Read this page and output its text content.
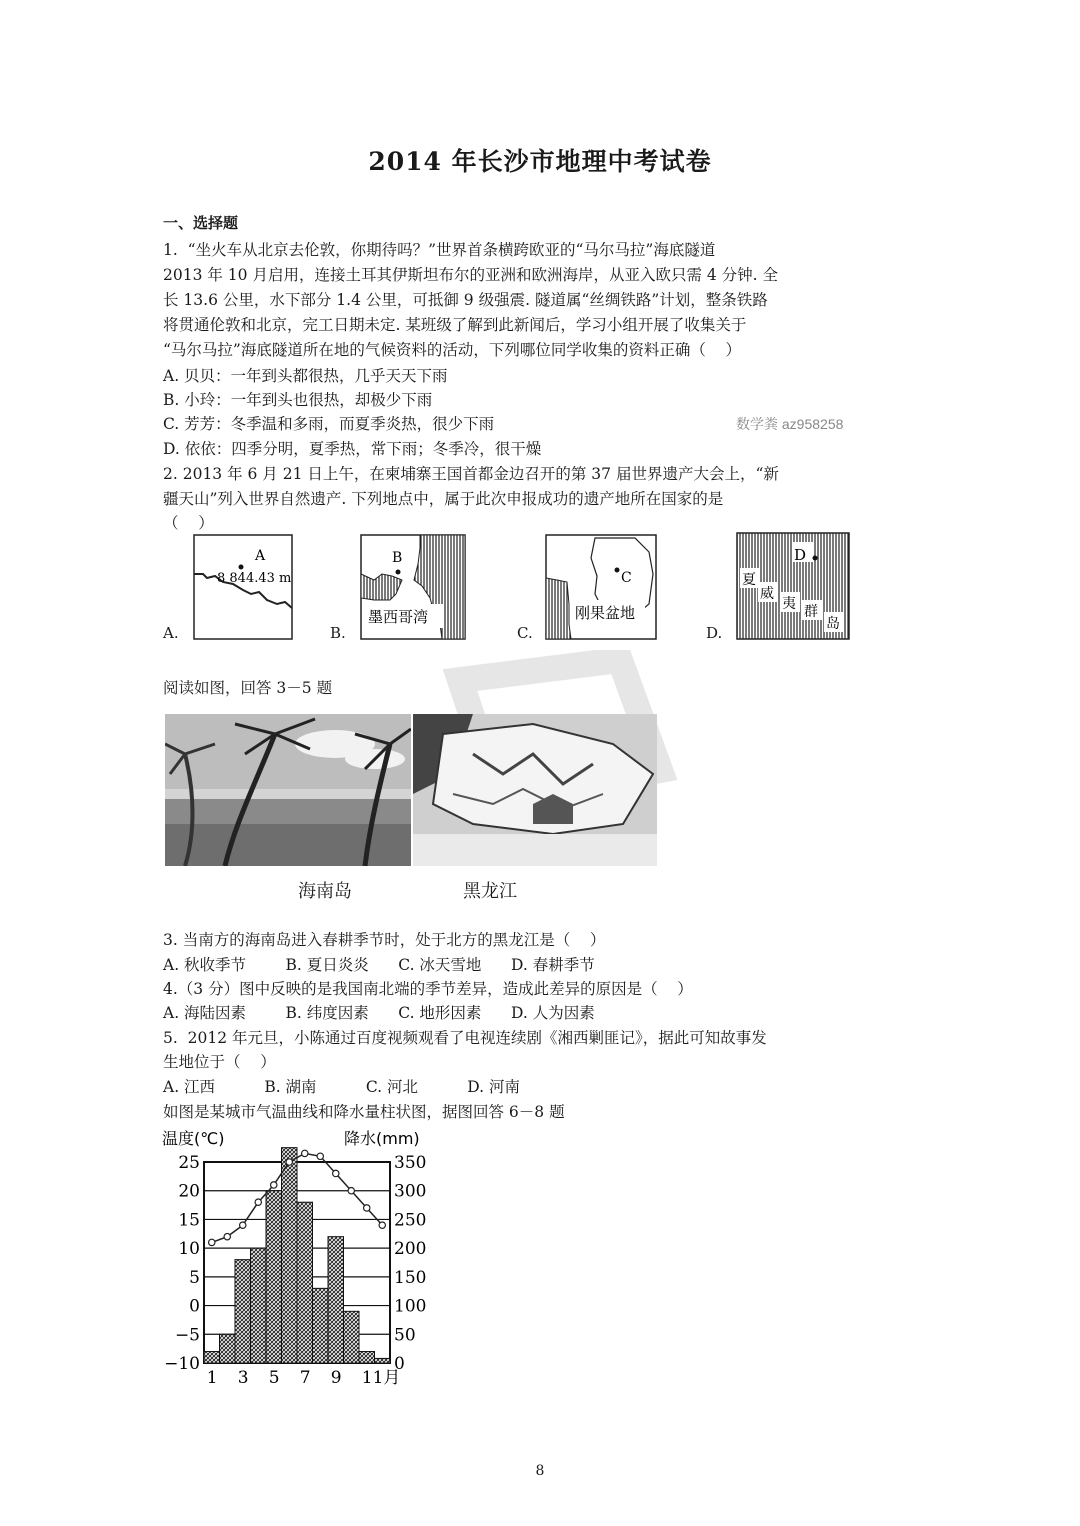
2014 年长沙市地理中考试卷
一、选择题
1.  “坐火车从北京去伦敦，你期待吗？”世界首条横跨欧亚的“马尔马拉”海底隧道
2013 年 10 月启用，连接土耳其伊斯坦布尔的亚洲和欧洲海岸，从亚入欧只需 4 分钟. 全
长 13.6 公里，水下部分 1.4 公里，可抵御 9 级强震. 隧道属“丝绸铁路”计划，整条铁路
将贯通伦敦和北京，完工日期未定. 某班级了解到此新闻后，学习小组开展了收集关于
“马尔马拉”海底隧道所在地的气候资料的活动，下列哪位同学收集的资料正确（    ）
A. 贝贝：一年到头都很热，几乎天天下雨
B. 小玲：一年到头也很热，却极少下雨
C. 芳芳：冬季温和多雨，而夏季炎热，很少下雨	数学粪 az958258
D. 依依：四季分明，夏季热，常下雨；冬季冷，很干燥
2. 2013 年 6 月 21 日上午，在柬埔寨王国首都金边召开的第 37 届世界遗产大会上，“新
疆天山”列入世界自然遗产. 下列地点中，属于此次申报成功的遗产地所在国家的是
（    ）
A.
A
8 844.43 m
B.
B
墨西哥湾
C.
C
刚果盆地
D.
D
夏
威
夷 群
岛
阅读如图，回答 3－5 题
海南岛	黑龙江
3. 当南方的海南岛进入春耕季节时，处于北方的黑龙江是（    ）
A. 秋收季节        B. 夏日炎炎      C. 冰天雪地      D. 春耕季节
4.（3 分）图中反映的是我国南北端的季节差异，造成此差异的原因是（    ）
A. 海陆因素        B. 纬度因素      C. 地形因素      D. 人为因素
5.  2012 年元旦，小陈通过百度视频观看了电视连续剧《湘西剿匪记》，据此可知故事发
生地位于（    ）
A. 江西          B. 湖南          C. 河北          D. 河南
如图是某城市气温曲线和降水量柱状图，据图回答 6－8 题
温度(℃)	降水(mm)
25
20
15
10
5
0
−5
−10
350
300
250
200
150
100
50
0
1 3 5 7 9 11月
8
